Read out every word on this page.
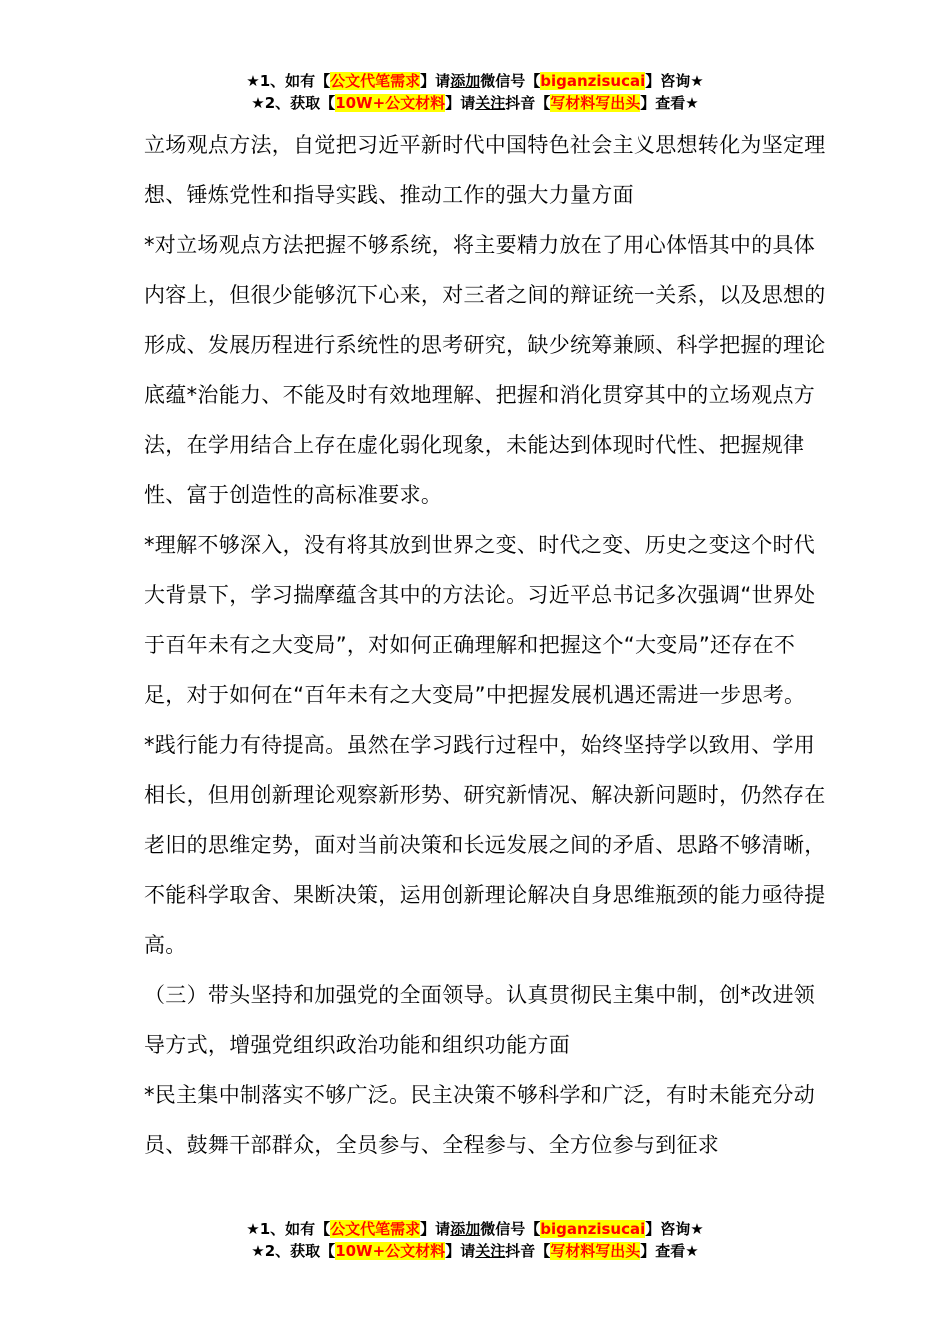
★1、如有【公文代笔需求】请添加微信号【biganzisucai】咨询★
★2、获取【10W+公文材料】请关注抖音【写材料写出头】查看★

立场观点方法，自觉把习近平新时代中国特色社会主义思想转化为坚定理想、锤炼党性和指导实践、推动工作的强大力量方面

*对立场观点方法把握不够系统，将主要精力放在了用心体悟其中的具体内容上，但很少能够沉下心来，对三者之间的辩证统一关系，以及思想的形成、发展历程进行系统性的思考研究，缺少统筹兼顾、科学把握的理论底蕴*治能力、不能及时有效地理解、把握和消化贯穿其中的立场观点方法，在学用结合上存在虚化弱化现象，未能达到体现时代性、把握规律性、富于创造性的高标准要求。

*理解不够深入，没有将其放到世界之变、时代之变、历史之变这个时代大背景下，学习揣摩蕴含其中的方法论。习近平总书记多次强调“世界处于百年未有之大变局”，对如何正确理解和把握这个“大变局”还存在不足，对于如何在“百年未有之大变局”中把握发展机遇还需进一步思考。

*践行能力有待提高。虽然在学习践行过程中，始终坚持学以致用、学用相长，但用创新理论观察新形势、研究新情况、解决新问题时，仍然存在老旧的思维定势，面对当前决策和长远发展之间的矛盾、思路不够清晰，不能科学取舍、果断决策，运用创新理论解决自身思维瓶颈的能力亟待提高。

（三）带头坚持和加强党的全面领导。认真贯彻民主集中制，创*改进领导方式，增强党组织政治功能和组织功能方面

*民主集中制落实不够广泛。民主决策不够科学和广泛，有时未能充分动员、鼓舞干部群众，全员参与、全程参与、全方位参与到征求

★1、如有【公文代笔需求】请添加微信号【biganzisucai】咨询★
★2、获取【10W+公文材料】请关注抖音【写材料写出头】查看★
